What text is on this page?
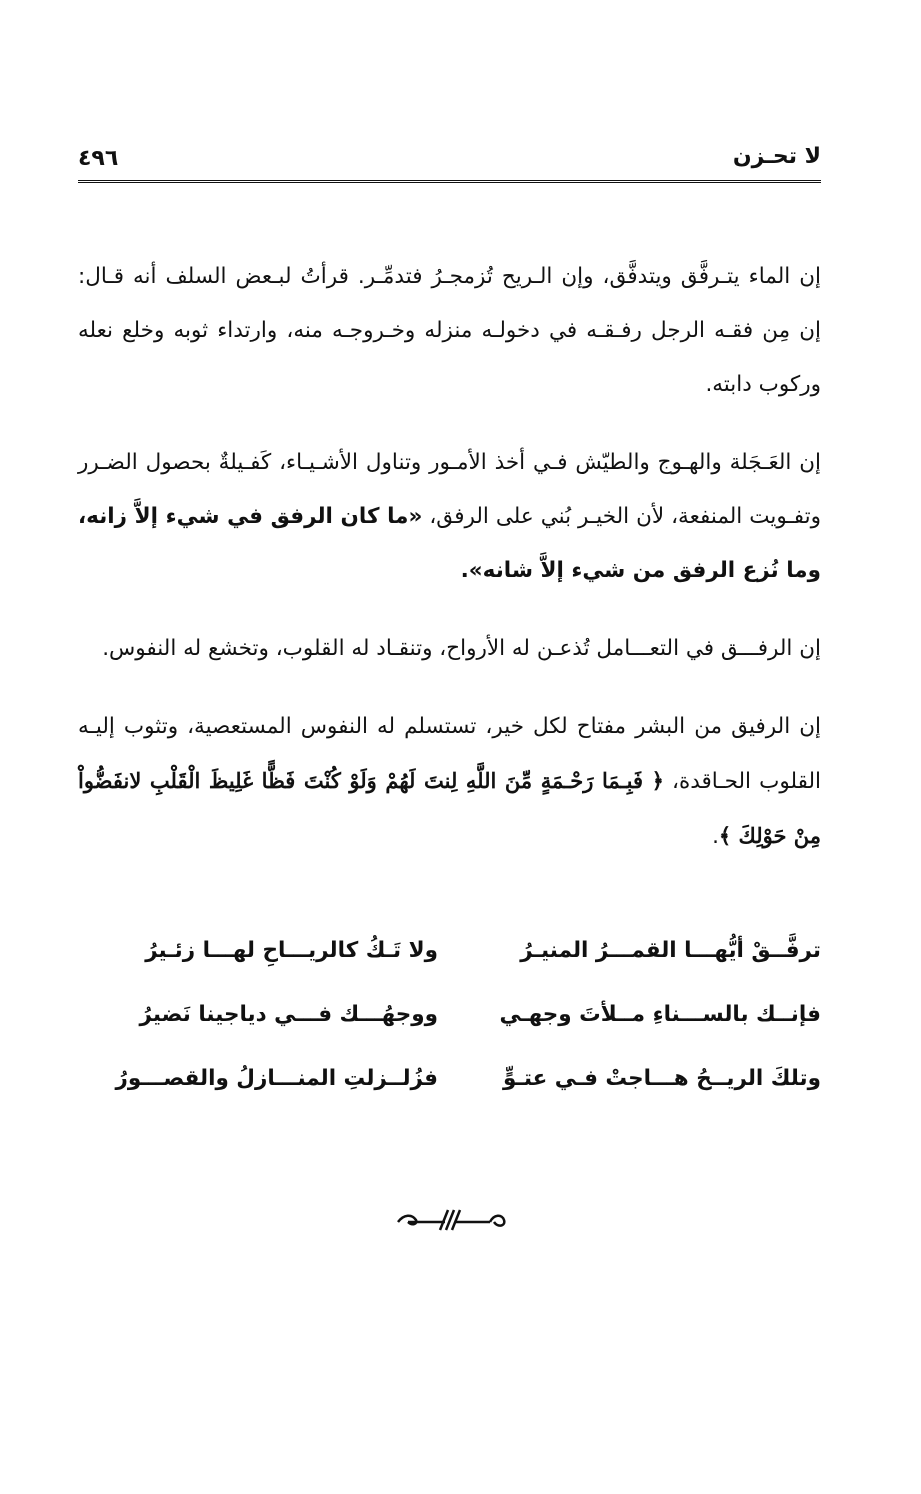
لا تحـزن
٤٩٦

إن الماء يتـرفَّق ويتدفَّق، وإن الـريح تُزمجـرُ فتدمِّـر. قرأتُ لبـعض السلف أنه قـال: إن مِن فقـه الرجل رفـقـه في دخولـه منزله وخـروجـه منه، وارتداء ثوبه وخلع نعله وركوب دابته.

إن العَـجَلة والهـوج والطيّش فـي أخذ الأمـور وتناول الأشـيـاء، كَفـيلةٌ بحصول الضـرر وتفـويت المنفعة، لأن الخيـر بُني على الرفق، «ما كان الرفق في شيء إلاَّ زانه، وما نُزع الرفق من شيء إلاَّ شانه».

إن الرفـــق في التعـــامل تُذعـن له الأرواح، وتنقـاد له القلوب، وتخشع له النفوس.

إن الرفيق من البشر مفتاح لكل خير، تستسلم له النفوس المستعصية، وتثوب إليـه القلوب الحـاقدة، ﴿ فَبِـمَا رَحْـمَةٍ مِّنَ اللَّهِ لِنتَ لَهُمْ وَلَوْ كُنْتَ فَظًّا غَلِيظَ الْقَلْبِ لانفَضُّواْ مِنْ حَوْلِكَ ﴾.

ترفَّــقْ أيُّهـــا القمـــرُ المنيـرُ
ولا تَـكُ كالريـــاحِ لهـــا زئـيرُ
فإنــك بالســـناءِ مــلأتَ وجهـي
ووجهُـــك فـــي دياجينا نَضيرُ
وتلكَ الريــحُ هـــاجتْ فـي عتـوٍّ
فزُلــزلتِ المنـــازلُ والقصـــورُ
